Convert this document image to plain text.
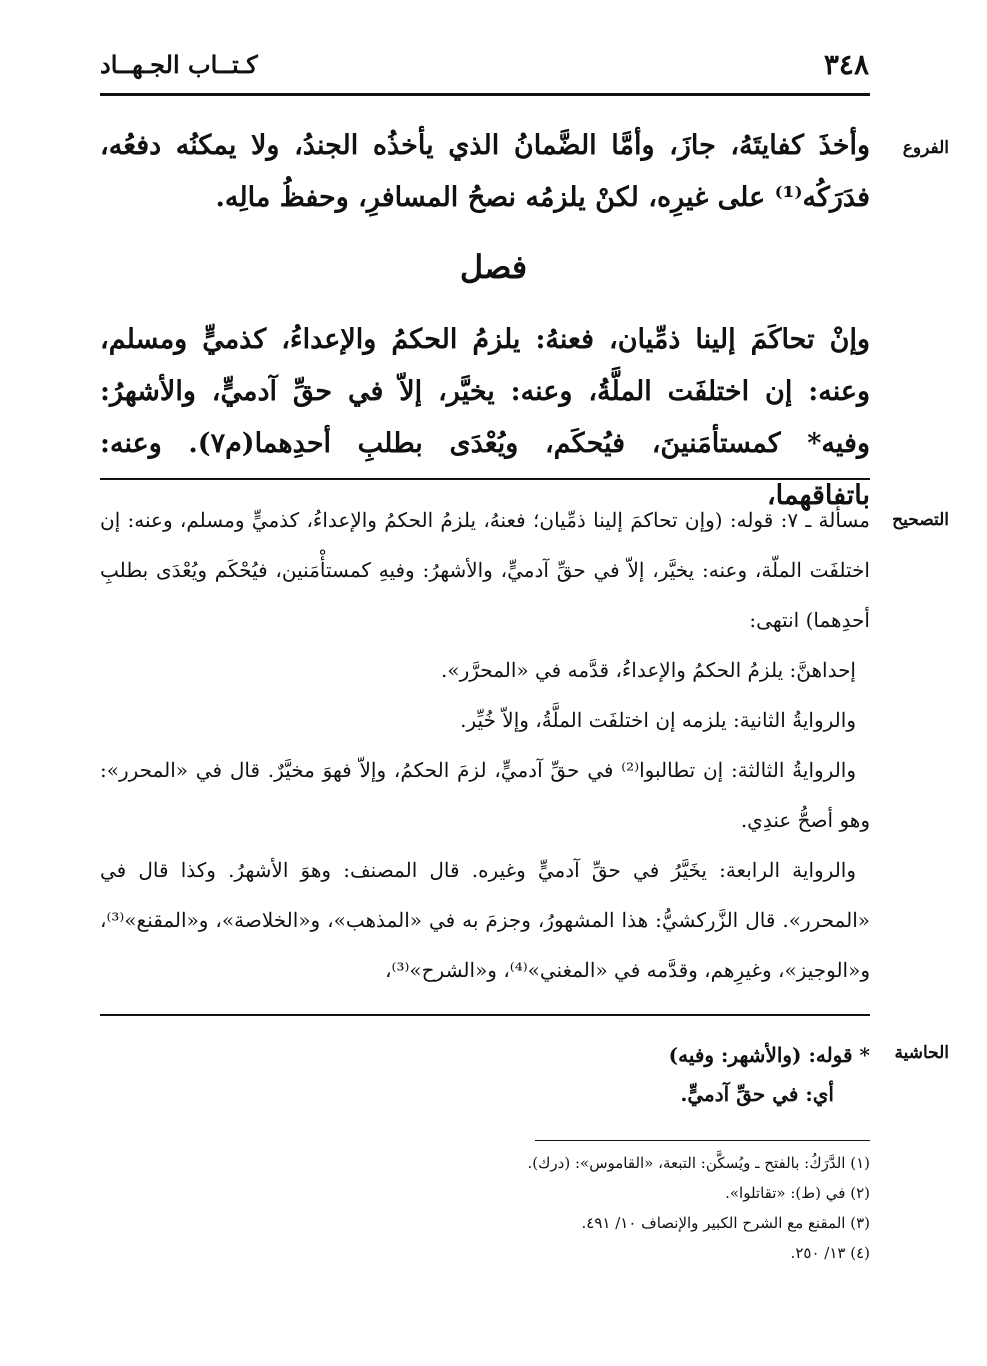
٣٤٨
كـتــاب الجـهــاد
الفروع

وأخذَ كفايتَهُ، جازَ، وأمَّا الضَّمانُ الذي يأخذُه الجندُ، ولا يمكنُه دفعُه، فدَرَكُه⁽¹⁾ على غيرِه، لكنْ يلزمُه نصحُ المسافرِ، وحفظُ مالِه.

فصل

وإنْ تحاكَمَ إلينا ذمِّيان، فعنهُ: يلزمُ الحكمُ والإعداءُ، كذميٍّ ومسلم، وعنه: إن اختلفَت الملَّةُ، وعنه: يخيَّر، إلاّ في حقِّ آدميٍّ، والأشهرُ: وفيه* كمستأمَنينَ، فيُحكَم، ويُعْدَى بطلبِ أحدِهما(م٧). وعنه: باتفاقهما،

التصحيح

مسألة ـ ٧: قوله: (وإن تحاكمَ إلينا ذمِّيان؛ فعنهُ، يلزمُ الحكمُ والإعداءُ، كذميٍّ ومسلم، وعنه: إن اختلفَت الملّة، وعنه: يخيَّر، إلاّ في حقِّ آدميٍّ، والأشهرُ: وفيهِ كمستأْمَنين، فيُحْكَم ويُعْدَى بطلبِ أحدِهما) انتهى:

إحداهنَّ: يلزمُ الحكمُ والإعداءُ، قدَّمه في «المحرَّر».

والروايةُ الثانية: يلزمه إن اختلفَت الملَّةُ، وإلاّ خُيِّر.

والروايةُ الثالثة: إن تطالبوا⁽²⁾ في حقِّ آدميٍّ، لزمَ الحكمُ، وإلاّ فهوَ مخيَّرٌ. قال في «المحرر»: وهو أصحُّ عندِي.

والرواية الرابعة: يخَيَّرُ في حقِّ آدميٍّ وغيره. قال المصنف: وهوَ الأشهرُ. وكذا قال في «المحرر». قال الزَّركشيُّ: هذا المشهورُ، وجزمَ به في «المذهب»، و«الخلاصة»، و«المقنع»⁽³⁾، و«الوجيز»، وغيرِهم، وقدَّمه في «المغني»⁽⁴⁾، و«الشرح»⁽³⁾،

الحاشية

* قوله: (والأشهر: وفيه)

أي: في حقِّ آدميٍّ.

(١) الدَّرَكُ: بالفتح ـ ويُسكَّن: التبعة، «القاموس»: (درك).

(٢) في (ط): «تقاتلوا».

(٣) المقنع مع الشرح الكبير والإنصاف ١٠/ ٤٩١.

(٤) ١٣/ ٢٥٠.
